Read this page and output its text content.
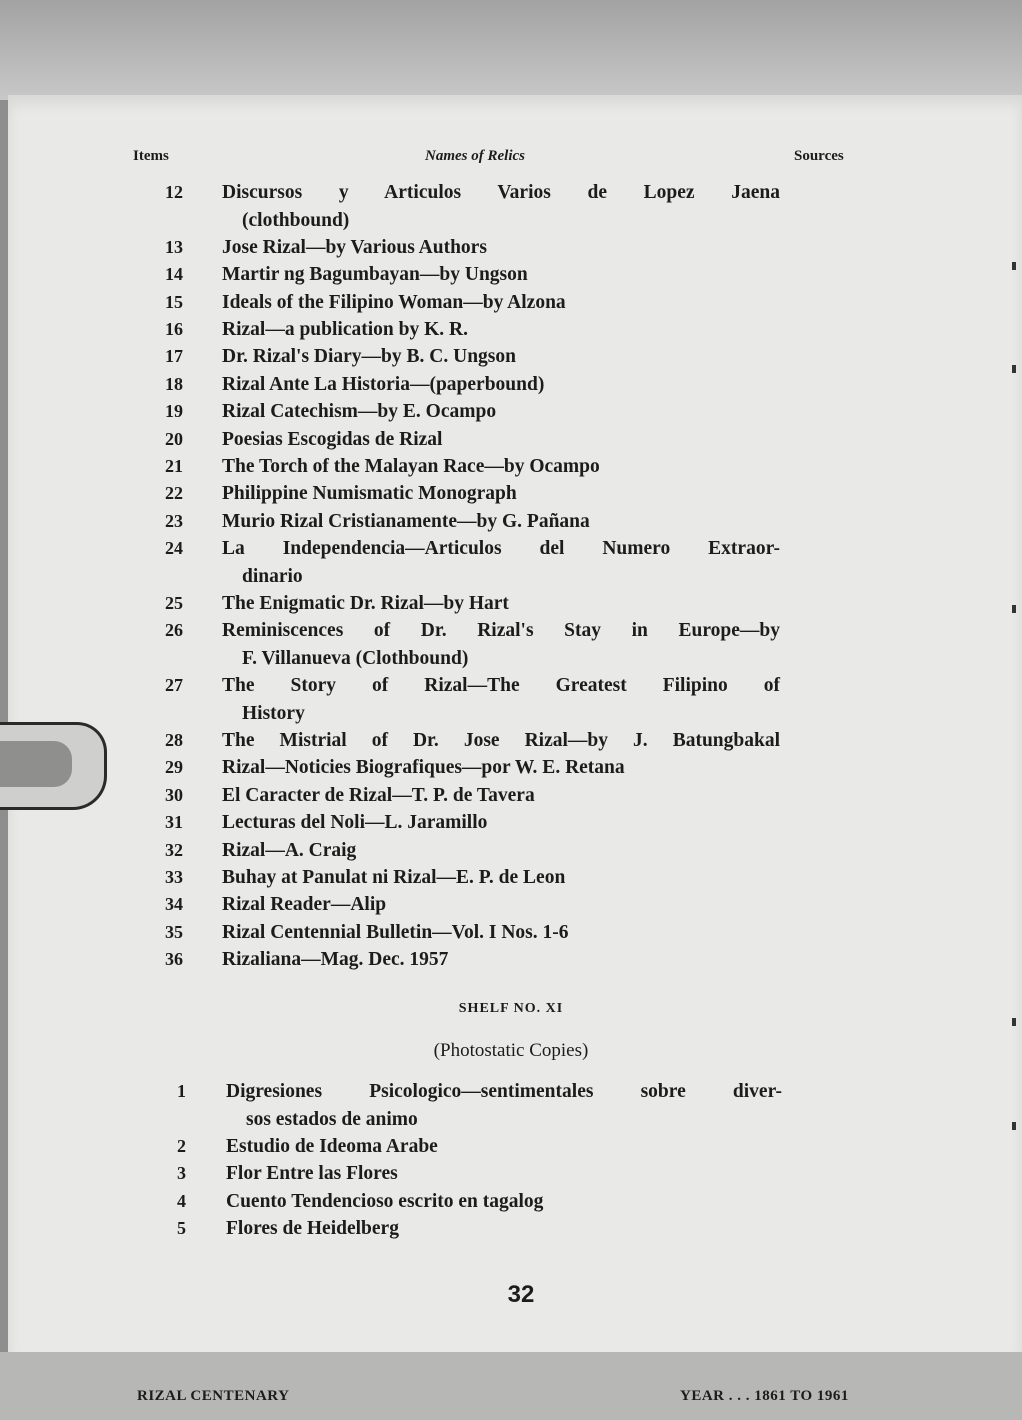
Items	Names of Relics	Sources
12 Discursos y Articulos Varios de Lopez Jaena
(clothbound)
13 Jose Rizal—by Various Authors
14 Martir ng Bagumbayan—by Ungson
15 Ideals of the Filipino Woman—by Alzona
16 Rizal—a publication by K. R.
17 Dr. Rizal's Diary—by B. C. Ungson
18 Rizal Ante La Historia—(paperbound)
19 Rizal Catechism—by E. Ocampo
20 Poesias Escogidas de Rizal
21 The Torch of the Malayan Race—by Ocampo
22 Philippine Numismatic Monograph
23 Murio Rizal Cristianamente—by G. Pañana
24 La Independencia—Articulos del Numero Extraor-
dinario
25 The Enigmatic Dr. Rizal—by Hart
26 Reminiscences of Dr. Rizal's Stay in Europe—by
F. Villanueva (Clothbound)
27 The Story of Rizal—The Greatest Filipino of
History
28 The Mistrial of Dr. Jose Rizal—by J. Batungbakal
29 Rizal—Noticies Biografiques—por W. E. Retana
30 El Caracter de Rizal—T. P. de Tavera
31 Lecturas del Noli—L. Jaramillo
32 Rizal—A. Craig
33 Buhay at Panulat ni Rizal—E. P. de Leon
34 Rizal Reader—Alip
35 Rizal Centennial Bulletin—Vol. I Nos. 1-6
36 Rizaliana—Mag. Dec. 1957
SHELF NO. XI
(Photostatic Copies)
1 Digresiones Psicologico—sentimentales sobre diver-
sos estados de animo
2 Estudio de Ideoma Arabe
3 Flor Entre las Flores
4 Cuento Tendencioso escrito en tagalog
5 Flores de Heidelberg
32
RIZAL CENTENARY	YEAR . . . 1861 TO 1961
